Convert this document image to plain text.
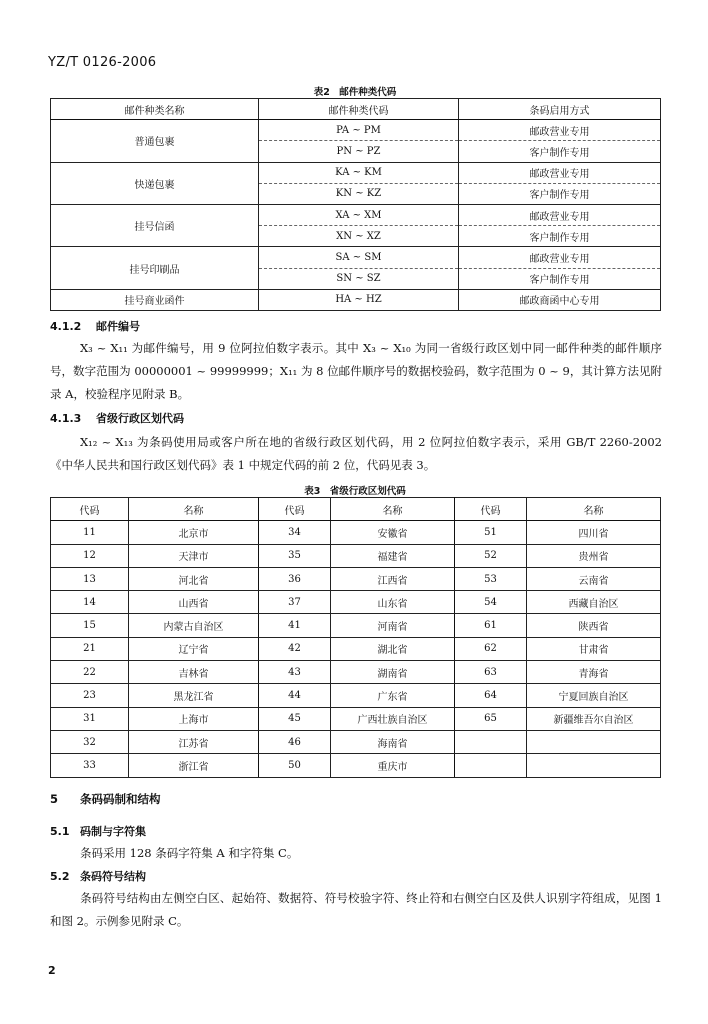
YZ/T 0126-2006
表2　邮件种类代码
邮件种类名称	邮件种类代码	条码启用方式
普通包裹	PA ~ PM	邮政营业专用
	PN ~ PZ	客户制作专用
快递包裹	KA ~ KM	邮政营业专用
	KN ~ KZ	客户制作专用
挂号信函	XA ~ XM	邮政营业专用
	XN ~ XZ	客户制作专用
挂号印刷品	SA ~ SM	邮政营业专用
	SN ~ SZ	客户制作专用
挂号商业函件	HA ~ HZ	邮政商函中心专用
4.1.2 邮件编号
X₃ ~ X₁₁ 为邮件编号，用 9 位阿拉伯数字表示。其中 X₃ ~ X₁₀ 为同一省级行政区划中同一邮件种类的邮件顺序号，数字范围为 00000001 ~ 99999999；X₁₁ 为 8 位邮件顺序号的数据校验码，数字范围为 0 ~ 9，其计算方法见附录 A，校验程序见附录 B。
4.1.3 省级行政区划代码
X₁₂ ~ X₁₃ 为条码使用局或客户所在地的省级行政区划代码，用 2 位阿拉伯数字表示，采用 GB/T 2260-2002《中华人民共和国行政区划代码》表 1 中规定代码的前 2 位，代码见表 3。
表3　省级行政区划代码
代码	名称	代码	名称	代码	名称
11	北京市	34	安徽省	51	四川省
12	天津市	35	福建省	52	贵州省
13	河北省	36	江西省	53	云南省
14	山西省	37	山东省	54	西藏自治区
15	内蒙古自治区	41	河南省	61	陕西省
21	辽宁省	42	湖北省	62	甘肃省
22	吉林省	43	湖南省	63	青海省
23	黑龙江省	44	广东省	64	宁夏回族自治区
31	上海市	45	广西壮族自治区	65	新疆维吾尔自治区
32	江苏省	46	海南省		
33	浙江省	50	重庆市		
5 条码码制和结构
5.1 码制与字符集
条码采用 128 条码字符集 A 和字符集 C。
5.2 条码符号结构
条码符号结构由左侧空白区、起始符、数据符、符号校验字符、终止符和右侧空白区及供人识别字符组成，见图 1 和图 2。示例参见附录 C。
2
